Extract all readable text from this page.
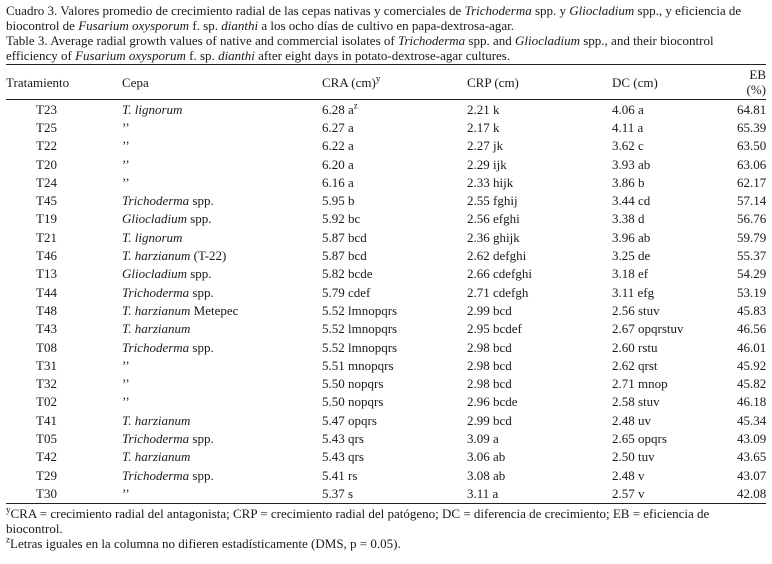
Cuadro 3. Valores promedio de crecimiento radial de las cepas nativas y comerciales de Trichoderma spp. y Gliocladium spp., y eficiencia de biocontrol de Fusarium oxysporum f. sp. dianthi a los ocho días de cultivo en papa-dextrosa-agar.

Table 3. Average radial growth values of native and commercial isolates of Trichoderma spp. and Gliocladium spp., and their biocontrol efficiency of Fusarium oxysporum f. sp. dianthi after eight days in potato-dextrose-agar cultures.

Tratamiento	Cepa	CRA (cm)$^y$	CRP (cm)	DC (cm)	EB (%)
T23	T. lignorum	6.28 $a^z$	2.21 k	4.06 a	64.81
T25	’’	6.27 a	2.17 k	4.11 a	65.39
T22	’’	6.22 a	2.27 jk	3.62 c	63.50
T20	’’	6.20 a	2.29 ijk	3.93 ab	63.06
T24	’’	6.16 a	2.33 hijk	3.86 b	62.17
T45	Trichoderma spp.	5.95 b	2.55 fghij	3.44 cd	57.14
T19	Gliocladium spp.	5.92 bc	2.56 efghi	3.38 d	56.76
T21	T. lignorum	5.87 bcd	2.36 ghijk	3.96 ab	59.79
T46	T. harzianum (T-22)	5.87 bcd	2.62 defghi	3.25 de	55.37
T13	Gliocladium spp.	5.82 bcde	2.66 cdefghi	3.18 ef	54.29
T44	Trichoderma spp.	5.79 cdef	2.71 cdefgh	3.11 efg	53.19
T48	T. harzianum Metepec	5.52 lmnopqrs	2.99 bcd	2.56 stuv	45.83
T43	T. harzianum	5.52 lmnopqrs	2.95 bcdef	2.67 opqrstuv	46.56
T08	Trichoderma spp.	5.52 lmnopqrs	2.98 bcd	2.60 rstu	46.01
T31	’’	5.51 mnopqrs	2.98 bcd	2.62 qrst	45.92
T32	’’	5.50 nopqrs	2.98 bcd	2.71 mnop	45.82
T02	’’	5.50 nopqrs	2.96 bcde	2.58 stuv	46.18
T41	T. harzianum	5.47 opqrs	2.99 bcd	2.48 uv	45.34
T05	Trichoderma spp.	5.43 qrs	3.09 a	2.65 opqrs	43.09
T42	T. harzianum	5.43 qrs	3.06 ab	2.50 tuv	43.65
T29	Trichoderma spp.	5.41 rs	3.08 ab	2.48 v	43.07
T30	’’	5.37 s	3.11 a	2.57 v	42.08

$^y$CRA = crecimiento radial del antagonista; CRP = crecimiento radial del patógeno; DC = diferencia de crecimiento; EB = eficiencia de biocontrol.

$^z$Letras iguales en la columna no difieren estadísticamente (DMS, p = 0.05).
